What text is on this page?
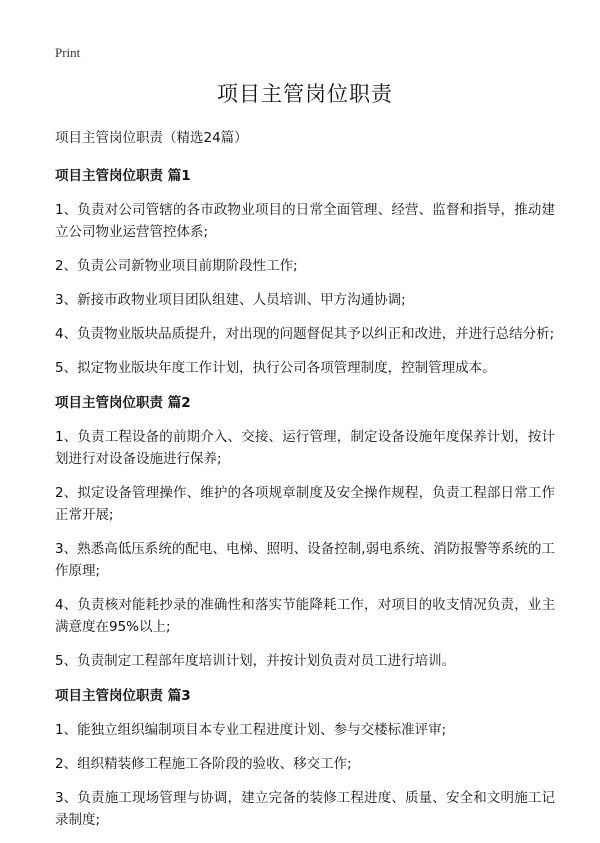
Print
项目主管岗位职责

项目主管岗位职责（精选24篇）

项目主管岗位职责 篇1

1、负责对公司管辖的各市政物业项目的日常全面管理、经营、监督和指导，推动建立公司物业运营管控体系;

2、负责公司新物业项目前期阶段性工作;

3、新接市政物业项目团队组建、人员培训、甲方沟通协调;

4、负责物业版块品质提升，对出现的问题督促其予以纠正和改进，并进行总结分析;

5、拟定物业版块年度工作计划，执行公司各项管理制度，控制管理成本。

项目主管岗位职责 篇2

1、负责工程设备的前期介入、交接、运行管理，制定设备设施年度保养计划，按计划进行对设备设施进行保养;

2、拟定设备管理操作、维护的各项规章制度及安全操作规程，负责工程部日常工作正常开展;

3、熟悉高低压系统的配电、电梯、照明、设备控制,弱电系统、消防报警等系统的工作原理;

4、负责核对能耗抄录的准确性和落实节能降耗工作，对项目的收支情况负责，业主满意度在95%以上;

5、负责制定工程部年度培训计划，并按计划负责对员工进行培训。

项目主管岗位职责 篇3

1、能独立组织编制项目本专业工程进度计划、参与交楼标准评审;

2、组织精装修工程施工各阶段的验收、移交工作;

3、负责施工现场管理与协调，建立完备的装修工程进度、质量、安全和文明施工记录制度;
